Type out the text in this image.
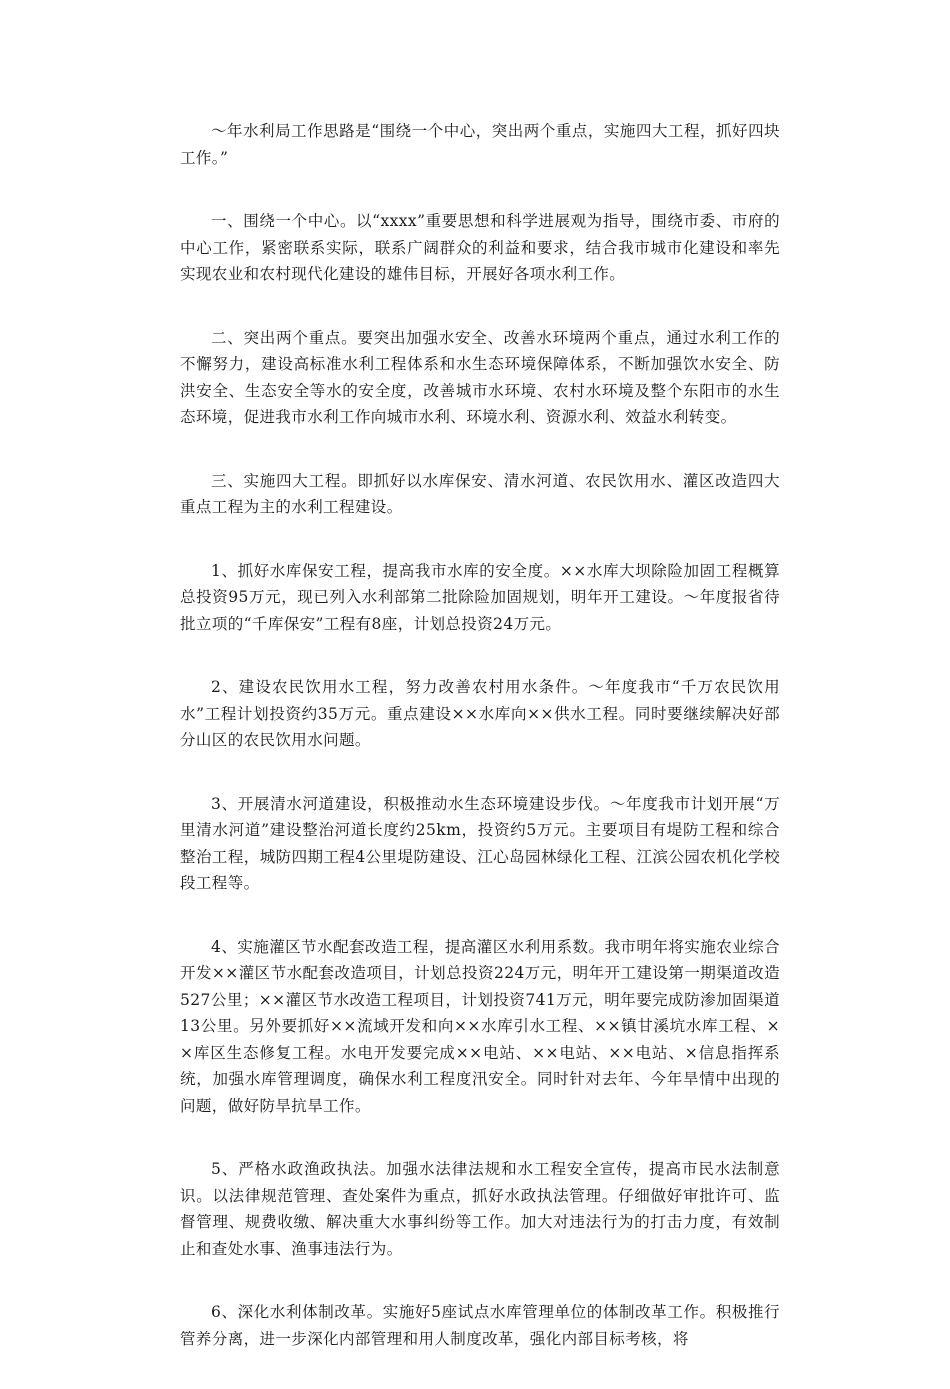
～年水利局工作思路是“围绕一个中心，突出两个重点，实施四大工程，抓好四块工作。”

一、围绕一个中心。以“xxxx”重要思想和科学进展观为指导，围绕市委、市府的中心工作，紧密联系实际，联系广阔群众的利益和要求，结合我市城市化建设和率先实现农业和农村现代化建设的雄伟目标，开展好各项水利工作。

二、突出两个重点。要突出加强水安全、改善水环境两个重点，通过水利工作的不懈努力，建设高标准水利工程体系和水生态环境保障体系，不断加强饮水安全、防洪安全、生态安全等水的安全度，改善城市水环境、农村水环境及整个东阳市的水生态环境，促进我市水利工作向城市水利、环境水利、资源水利、效益水利转变。

三、实施四大工程。即抓好以水库保安、清水河道、农民饮用水、灌区改造四大重点工程为主的水利工程建设。

1、抓好水库保安工程，提高我市水库的安全度。××水库大坝除险加固工程概算总投资95万元，现已列入水利部第二批除险加固规划，明年开工建设。～年度报省待批立项的“千库保安”工程有8座，计划总投资24万元。

2、建设农民饮用水工程，努力改善农村用水条件。～年度我市“千万农民饮用水”工程计划投资约35万元。重点建设××水库向××供水工程。同时要继续解决好部分山区的农民饮用水问题。

3、开展清水河道建设，积极推动水生态环境建设步伐。～年度我市计划开展“万里清水河道”建设整治河道长度约25km，投资约5万元。主要项目有堤防工程和综合整治工程，城防四期工程4公里堤防建设、江心岛园林绿化工程、江滨公园农机化学校段工程等。

4、实施灌区节水配套改造工程，提高灌区水利用系数。我市明年将实施农业综合开发××灌区节水配套改造项目，计划总投资224万元，明年开工建设第一期渠道改造527公里；××灌区节水改造工程项目，计划投资741万元，明年要完成防渗加固渠道13公里。另外要抓好××流域开发和向××水库引水工程、××镇甘溪坑水库工程、××库区生态修复工程。水电开发要完成××电站、××电站、××电站、×信息指挥系统，加强水库管理调度，确保水利工程度汛安全。同时针对去年、今年旱情中出现的问题，做好防旱抗旱工作。

5、严格水政渔政执法。加强水法律法规和水工程安全宣传，提高市民水法制意识。以法律规范管理、查处案件为重点，抓好水政执法管理。仔细做好审批许可、监督管理、规费收缴、解决重大水事纠纷等工作。加大对违法行为的打击力度，有效制止和查处水事、渔事违法行为。

6、深化水利体制改革。实施好5座试点水库管理单位的体制改革工作。积极推行管养分离，进一步深化内部管理和用人制度改革，强化内部目标考核，将
